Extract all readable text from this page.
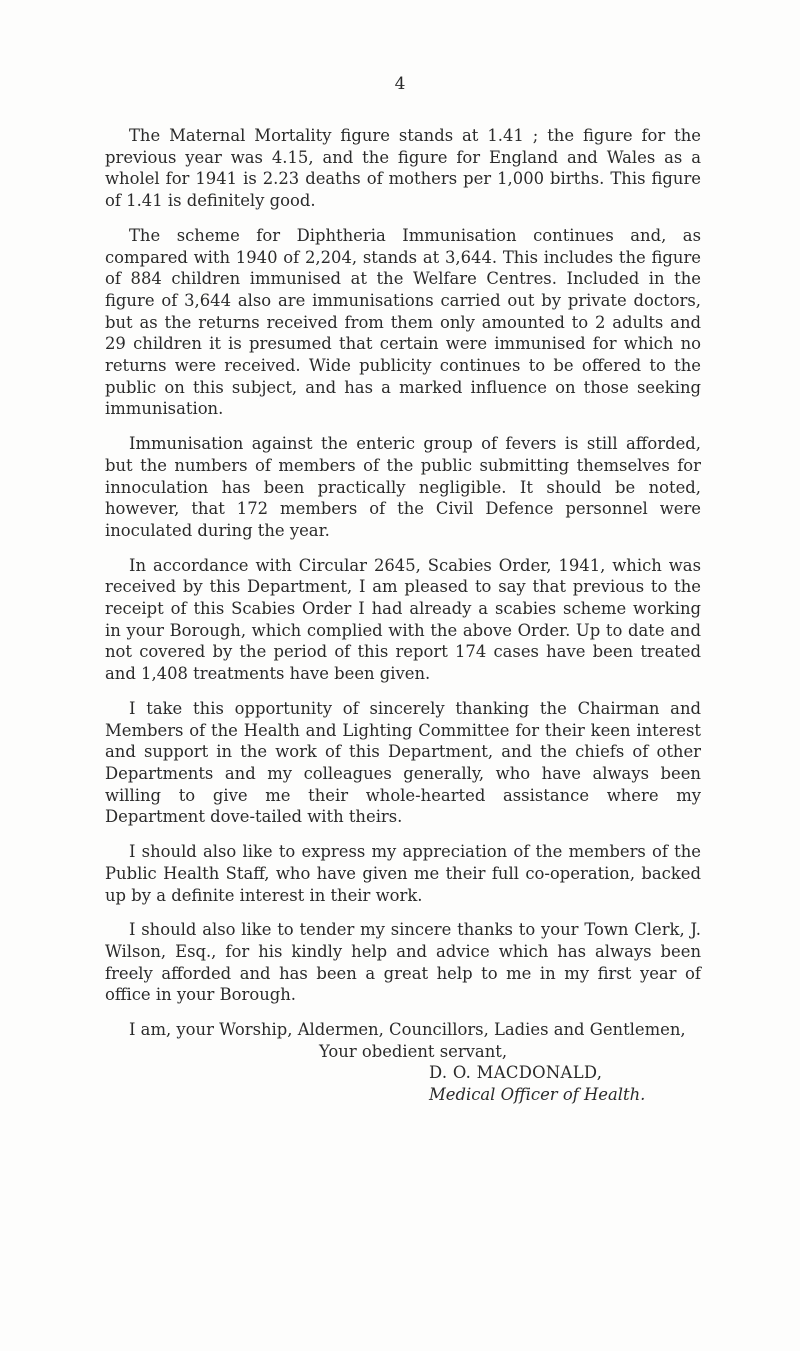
4

The Maternal Mortality figure stands at 1.41 ; the figure for the previous year was 4.15, and the figure for England and Wales as a wholel for 1941 is 2.23 deaths of mothers per 1,000 births. This figure of 1.41 is definitely good.

The scheme for Diphtheria Immunisation continues and, as compared with 1940 of 2,204, stands at 3,644. This includes the figure of 884 children immunised at the Welfare Centres. Included in the figure of 3,644 also are immunisations carried out by private doctors, but as the returns received from them only amounted to 2 adults and 29 children it is presumed that certain were immunised for which no returns were received. Wide publicity continues to be offered to the public on this subject, and has a marked influence on those seeking immunisation.

Immunisation against the enteric group of fevers is still afforded, but the numbers of members of the public submitting themselves for innoculation has been practically negligible. It should be noted, however, that 172 members of the Civil Defence personnel were inoculated during the year.

In accordance with Circular 2645, Scabies Order, 1941, which was received by this Department, I am pleased to say that previous to the receipt of this Scabies Order I had already a scabies scheme working in your Borough, which complied with the above Order. Up to date and not covered by the period of this report 174 cases have been treated and 1,408 treatments have been given.

I take this opportunity of sincerely thanking the Chairman and Members of the Health and Lighting Committee for their keen interest and support in the work of this Department, and the chiefs of other Departments and my colleagues generally, who have always been willing to give me their whole-hearted assistance where my Department dove-tailed with theirs.

I should also like to express my appreciation of the members of the Public Health Staff, who have given me their full co-operation, backed up by a definite interest in their work.

I should also like to tender my sincere thanks to your Town Clerk, J. Wilson, Esq., for his kindly help and advice which has always been freely afforded and has been a great help to me in my first year of office in your Borough.

I am, your Worship, Aldermen, Councillors, Ladies and Gentlemen,

Your obedient servant,

D. O. MACDONALD,

Medical Officer of Health.
